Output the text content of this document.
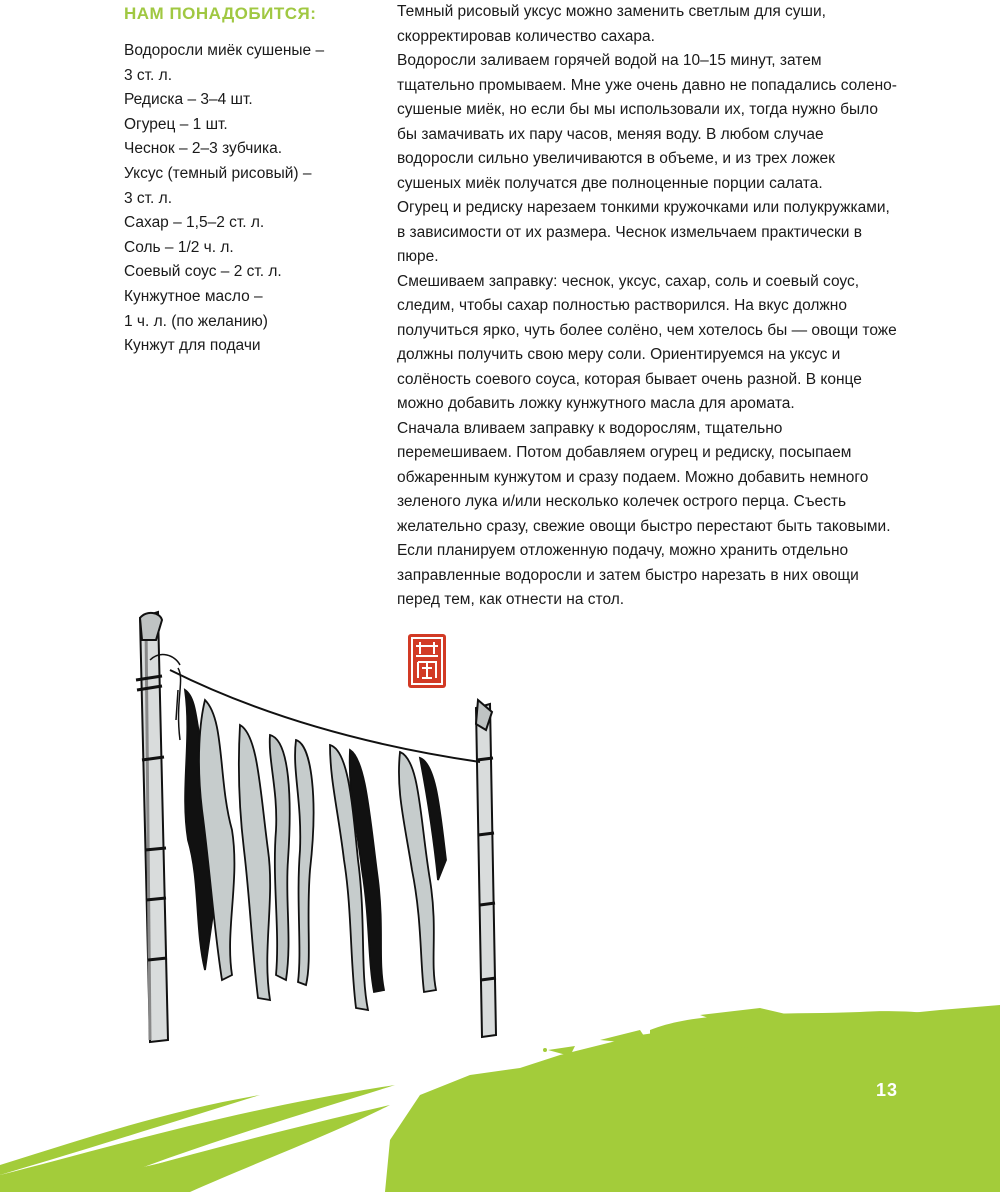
НАМ ПОНАДОБИТСЯ:
Водоросли миёк сушеные –
3 ст. л.
Редиска – 3–4 шт.
Огурец – 1 шт.
Чеснок – 2–3 зубчика.
Уксус (темный рисовый) –
3 ст. л.
Сахар – 1,5–2 ст. л.
Соль – 1/2 ч. л.
Соевый соус – 2 ст. л.
Кунжутное масло –
1 ч. л. (по желанию)
Кунжут для подачи

Темный рисовый уксус можно заменить светлым для суши, скорректировав количество сахара.

Водоросли заливаем горячей водой на 10–15 минут, затем тщательно промываем. Мне уже очень давно не попадались солено-сушеные миёк, но если бы мы использовали их, тогда нужно было бы замачивать их пару часов, меняя воду. В любом случае водоросли сильно увеличиваются в объеме, и из трех ложек сушеных миёк получатся две полноценные порции салата.

Огурец и редиску нарезаем тонкими кружочками или полукружками, в зависимости от их размера. Чеснок измельчаем практически в пюре.

Смешиваем заправку: чеснок, уксус, сахар, соль и соевый соус, следим, чтобы сахар полностью растворился. На вкус должно получиться ярко, чуть более солёно, чем хотелось бы — овощи тоже должны получить свою меру соли. Ориентируемся на уксус и солёность соевого соуса, которая бывает очень разной. В конце можно добавить ложку кунжутного масла для аромата.

Сначала вливаем заправку к водорослям, тщательно перемешиваем. Потом добавляем огурец и редиску, посыпаем обжаренным кунжутом и сразу подаем. Можно добавить немного зеленого лука и/или несколько колечек острого перца. Съесть желательно сразу, свежие овощи быстро перестают быть таковыми. Если планируем отложенную подачу, можно хранить отдельно заправленные водоросли и затем быстро нарезать в них овощи перед тем, как отнести на стол.

13
